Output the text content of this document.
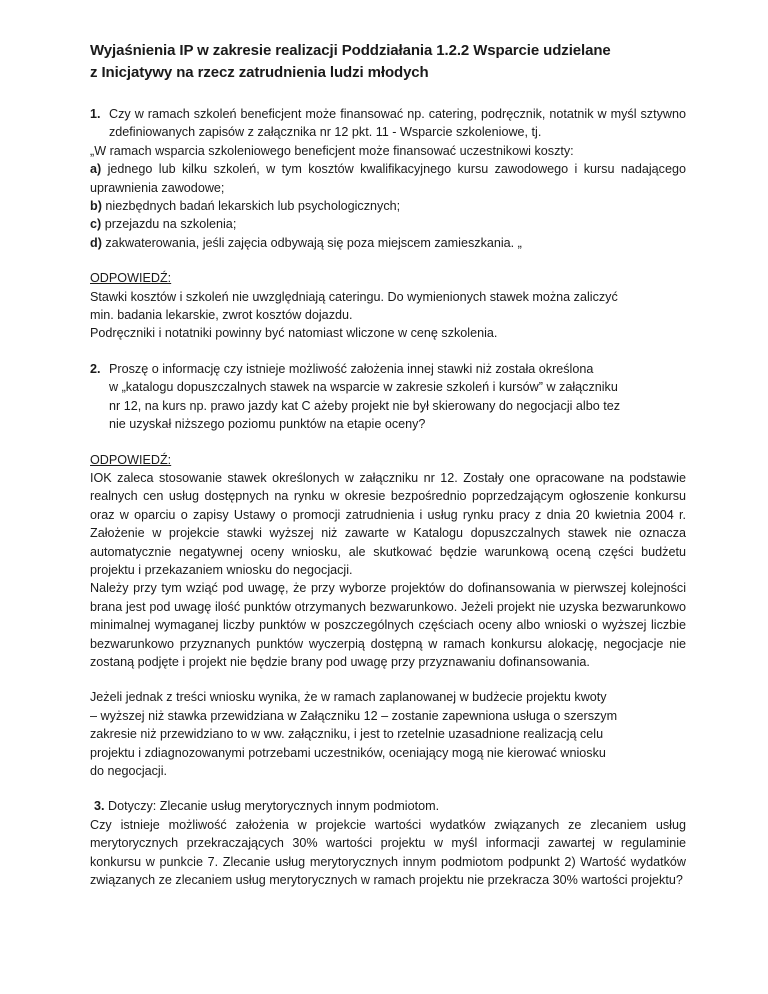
Wyjaśnienia IP w zakresie realizacji Poddziałania 1.2.2 Wsparcie udzielane
z Inicjatywy na rzecz zatrudnienia ludzi młodych
1. Czy w ramach szkoleń beneficjent może finansować np. catering, podręcznik, notatnik w myśl sztywno zdefiniowanych zapisów z załącznika nr 12 pkt. 11 - Wsparcie szkoleniowe, tj.
„W ramach wsparcia szkoleniowego beneficjent może finansować uczestnikowi koszty:
a) jednego lub kilku szkoleń, w tym kosztów kwalifikacyjnego kursu zawodowego i kursu nadającego uprawnienia zawodowe;
b) niezbędnych badań lekarskich lub psychologicznych;
c) przejazdu na szkolenia;
d) zakwaterowania, jeśli zajęcia odbywają się poza miejscem zamieszkania. „
ODPOWIEDŹ:
Stawki kosztów i szkoleń nie uwzględniają cateringu. Do wymienionych stawek można zaliczyć
min. badania lekarskie, zwrot kosztów dojazdu.
Podręczniki i notatniki powinny być natomiast wliczone w cenę szkolenia.
2. Proszę o informację czy istnieje możliwość założenia innej stawki niż została określona
w „katalogu dopuszczalnych stawek na wsparcie w zakresie szkoleń i kursów” w załączniku
nr 12, na kurs np. prawo jazdy kat C ażeby projekt nie był skierowany do negocjacji albo tez
nie uzyskał niższego poziomu punktów na etapie oceny?
ODPOWIEDŹ:
IOK zaleca stosowanie stawek określonych w załączniku nr 12. Zostały one opracowane na podstawie realnych cen usług dostępnych na rynku w okresie bezpośrednio poprzedzającym ogłoszenie konkursu oraz w oparciu o zapisy Ustawy o promocji zatrudnienia i usług rynku pracy z dnia 20 kwietnia 2004 r. Założenie w projekcie stawki wyższej niż zawarte w Katalogu dopuszczalnych stawek nie oznacza automatycznie negatywnej oceny wniosku, ale skutkować będzie warunkową oceną części budżetu projektu i przekazaniem wniosku do negocjacji.
Należy przy tym wziąć pod uwagę, że przy wyborze projektów do dofinansowania w pierwszej kolejności brana jest pod uwagę ilość punktów otrzymanych bezwarunkowo. Jeżeli projekt nie uzyska bezwarunkowo minimalnej wymaganej liczby punktów w poszczególnych częściach oceny albo wnioski o wyższej liczbie bezwarunkowo przyznanych punktów wyczerpią dostępną w ramach konkursu alokację, negocjacje nie zostaną podjęte i projekt nie będzie brany pod uwagę przy przyznawaniu dofinansowania.
Jeżeli jednak z treści wniosku wynika, że w ramach zaplanowanej w budżecie projektu kwoty
– wyższej niż stawka przewidziana w Załączniku 12 – zostanie zapewniona usługa o szerszym
zakresie niż przewidziano to w ww. załączniku, i jest to rzetelnie uzasadnione realizacją celu
projektu i zdiagnozowanymi potrzebami uczestników, oceniający mogą nie kierować wniosku
do negocjacji.
3. Dotyczy: Zlecanie usług merytorycznych innym podmiotom.
Czy istnieje możliwość założenia w projekcie wartości wydatków związanych ze zlecaniem usług merytorycznych przekraczających 30% wartości projektu w myśl informacji zawartej w regulaminie konkursu w punkcie 7. Zlecanie usług merytorycznych innym podmiotom podpunkt 2) Wartość wydatków związanych ze zlecaniem usług merytorycznych w ramach projektu nie przekracza 30% wartości projektu?
